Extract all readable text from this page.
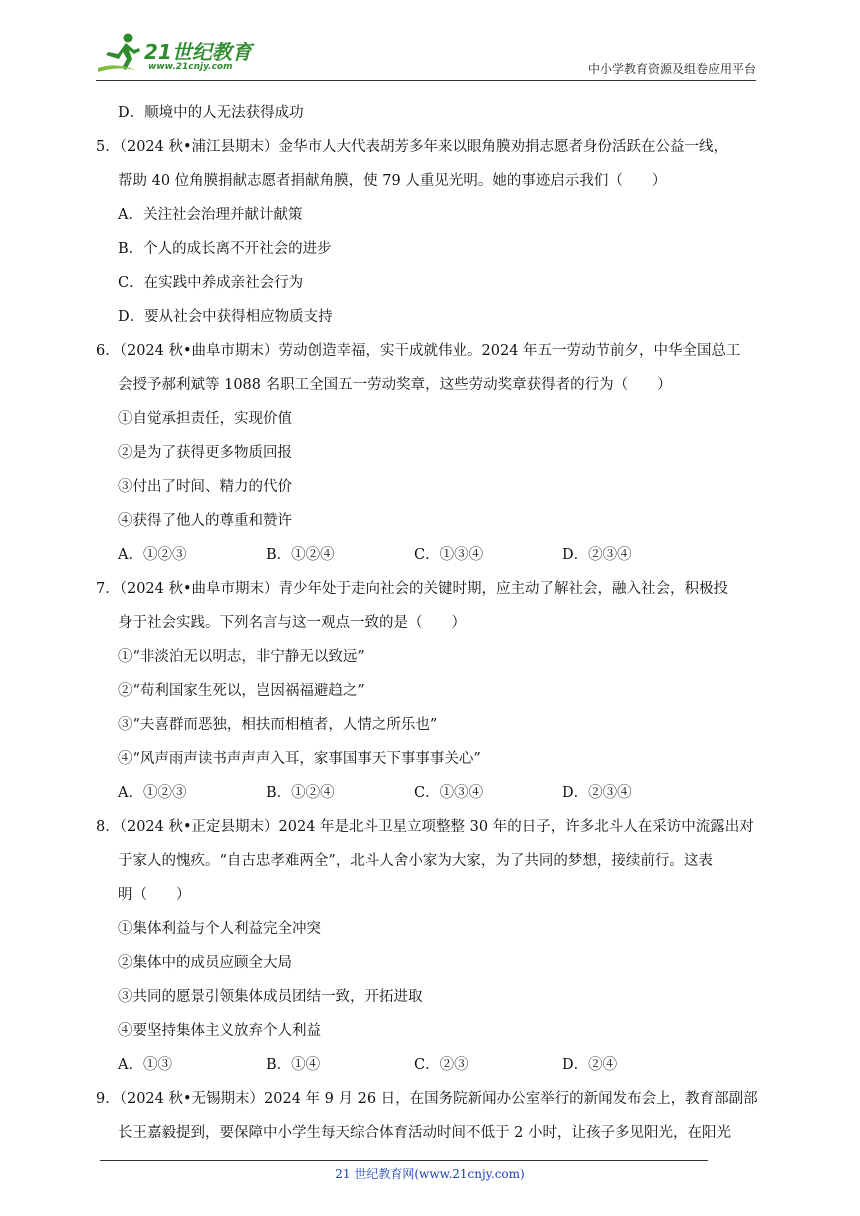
21世纪教育
www.21cnjy.com	中小学教育资源及组卷应用平台
D．顺境中的人无法获得成功
5．（2024 秋•浦江县期末）金华市人大代表胡芳多年来以眼角膜劝捐志愿者身份活跃在公益一线，
帮助 40 位角膜捐献志愿者捐献角膜，使 79 人重见光明。她的事迹启示我们（　　）
A．关注社会治理并献计献策
B．个人的成长离不开社会的进步
C．在实践中养成亲社会行为
D．要从社会中获得相应物质支持
6．（2024 秋•曲阜市期末）劳动创造幸福，实干成就伟业。2024 年五一劳动节前夕，中华全国总工
会授予郝利斌等 1088 名职工全国五一劳动奖章，这些劳动奖章获得者的行为（　　）
①自觉承担责任，实现价值
②是为了获得更多物质回报
③付出了时间、精力的代价
④获得了他人的尊重和赞许
A．①②③	B．①②④	C．①③④	D．②③④
7．（2024 秋•曲阜市期末）青少年处于走向社会的关键时期，应主动了解社会，融入社会，积极投
身于社会实践。下列名言与这一观点一致的是（　　）
①“非淡泊无以明志，非宁静无以致远”
②“苟利国家生死以，岂因祸福避趋之”
③“夫喜群而恶独，相扶而相植者，人情之所乐也”
④“风声雨声读书声声声入耳，家事国事天下事事事关心”
A．①②③	B．①②④	C．①③④	D．②③④
8．（2024 秋•正定县期末）2024 年是北斗卫星立项整整 30 年的日子，许多北斗人在采访中流露出对
于家人的愧疚。“自古忠孝难两全”，北斗人舍小家为大家，为了共同的梦想，接续前行。这表
明（　　）
①集体利益与个人利益完全冲突
②集体中的成员应顾全大局
③共同的愿景引领集体成员团结一致，开拓进取
④要坚持集体主义放弃个人利益
A．①③	B．①④	C．②③	D．②④
9．（2024 秋•无锡期末）2024 年 9 月 26 日，在国务院新闻办公室举行的新闻发布会上，教育部副部
长王嘉毅提到，要保障中小学生每天综合体育活动时间不低于 2 小时，让孩子多见阳光，在阳光
21 世纪教育网(www.21cnjy.com)
